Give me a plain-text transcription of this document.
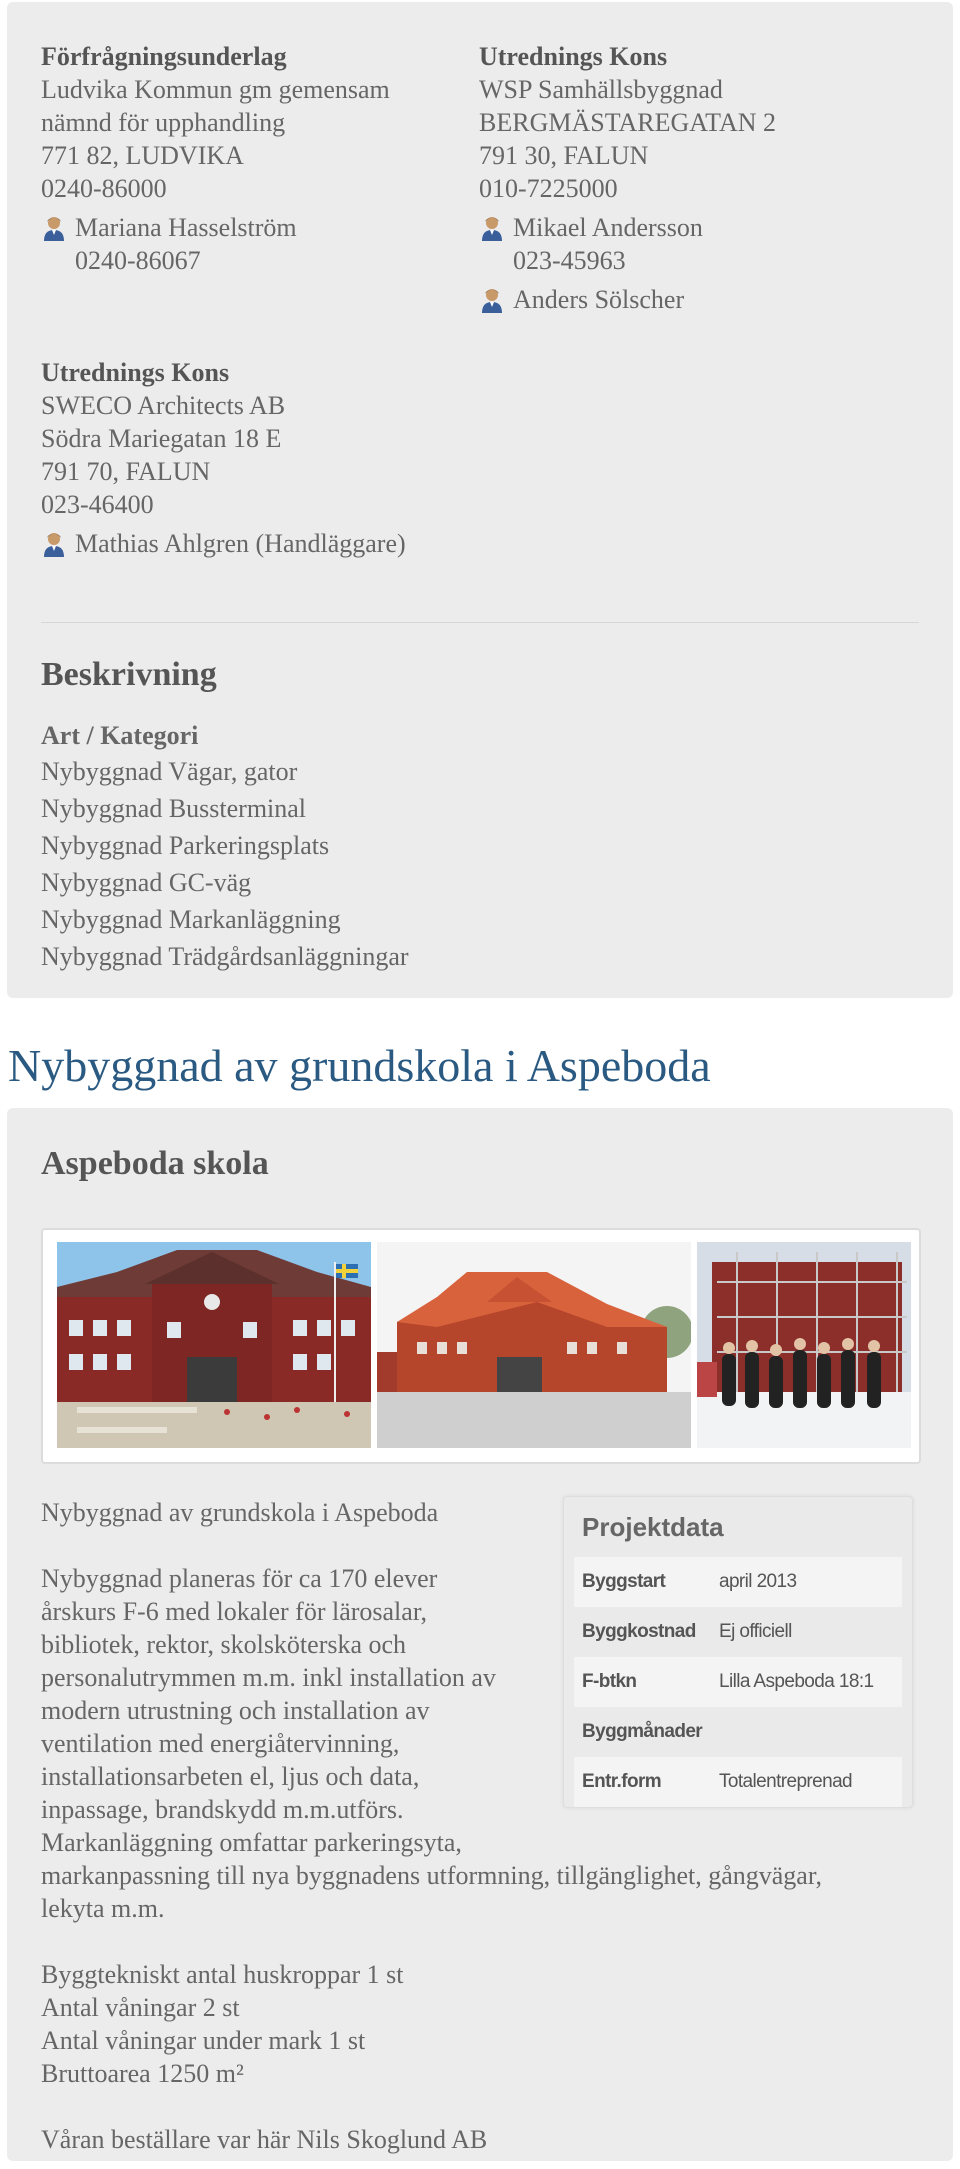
Förfrågningsunderlag
Ludvika Kommun gm gemensam
nämnd för upphandling
771 82, LUDVIKA
0240-86000
Mariana Hasselström
0240-86067
Utrednings Kons
WSP Samhällsbyggnad
BERGMÄSTAREGATAN 2
791 30, FALUN
010-7225000
Mikael Andersson
023-45963
Anders Sölscher
Utrednings Kons
SWECO Architects AB
Södra Mariegatan 18 E
791 70, FALUN
023-46400
Mathias Ahlgren (Handläggare)
Beskrivning
Art / Kategori
Nybyggnad Vägar, gator
Nybyggnad Bussterminal
Nybyggnad Parkeringsplats
Nybyggnad GC-väg
Nybyggnad Markanläggning
Nybyggnad Trädgårdsanläggningar
Nybyggnad av grundskola i Aspeboda
Aspeboda skola
Projektdata
Byggstart	april 2013
Byggkostnad	Ej officiell
F-btkn	Lilla Aspeboda 18:1
Byggmånader
Entr.form	Totalentreprenad
Nybyggnad av grundskola i Aspeboda
Nybyggnad planeras för ca 170 elever
årskurs F-6 med lokaler för lärosalar,
bibliotek, rektor, skolsköterska och
personalutrymmen m.m. inkl installation av
modern utrustning och installation av
ventilation med energiåtervinning,
installationsarbeten el, ljus och data,
inpassage, brandskydd m.m.utförs.
Markanläggning omfattar parkeringsyta,
markanpassning till nya byggnadens utformning, tillgänglighet, gångvägar,
lekyta m.m.
Byggtekniskt antal huskroppar 1 st
Antal våningar 2 st
Antal våningar under mark 1 st
Bruttoarea 1250 m²
Våran beställare var här Nils Skoglund AB
